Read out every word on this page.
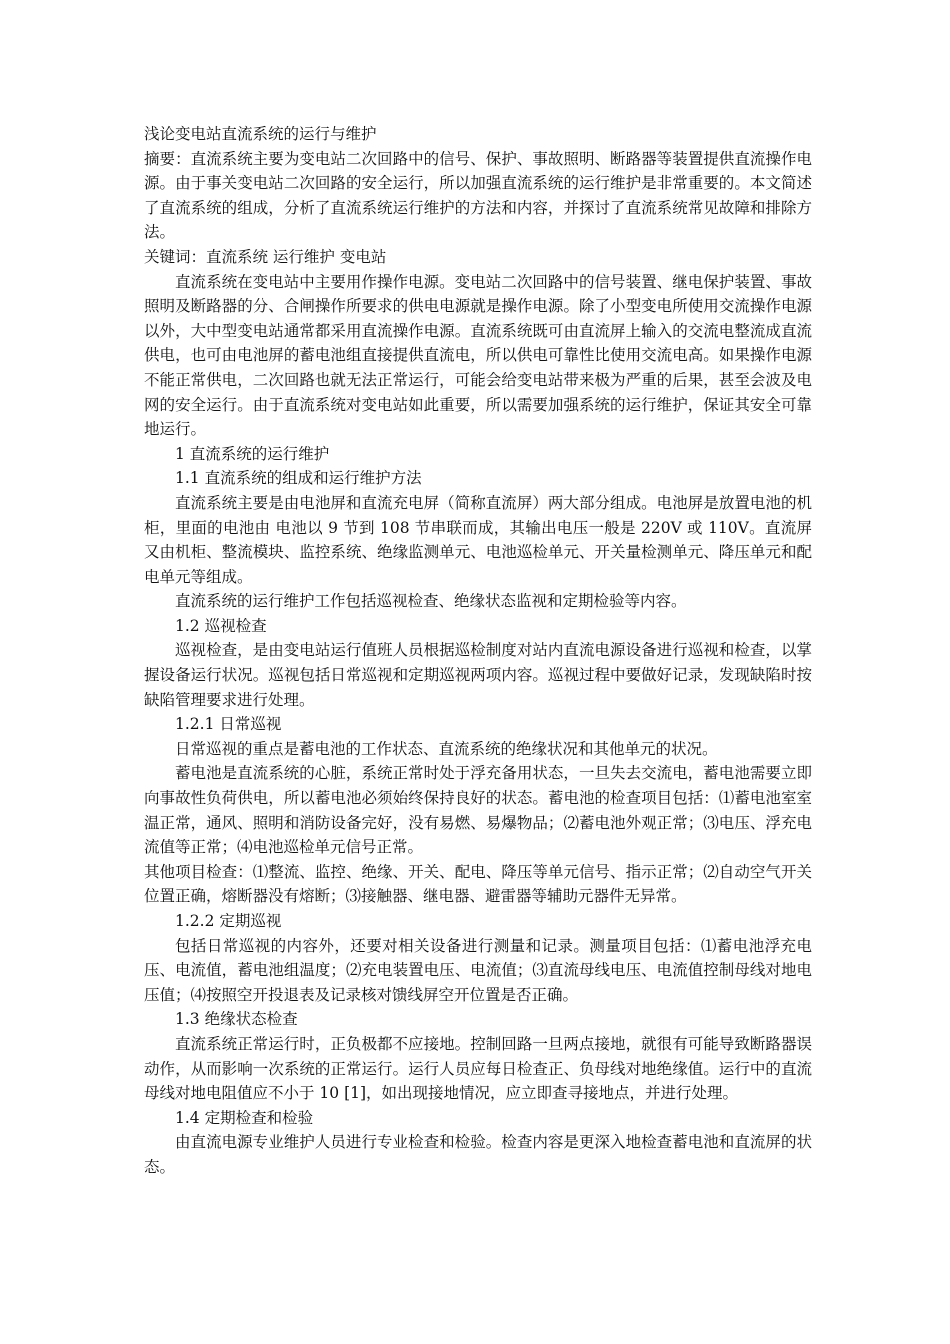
浅论变电站直流系统的运行与维护

摘要：直流系统主要为变电站二次回路中的信号、保护、事故照明、断路器等装置提供直流操作电源。由于事关变电站二次回路的安全运行，所以加强直流系统的运行维护是非常重要的。本文简述了直流系统的组成，分析了直流系统运行维护的方法和内容，并探讨了直流系统常见故障和排除方法。

关键词：直流系统 运行维护 变电站

直流系统在变电站中主要用作操作电源。变电站二次回路中的信号装置、继电保护装置、事故照明及断路器的分、合闸操作所要求的供电电源就是操作电源。除了小型变电所使用交流操作电源以外，大中型变电站通常都采用直流操作电源。直流系统既可由直流屏上输入的交流电整流成直流供电，也可由电池屏的蓄电池组直接提供直流电，所以供电可靠性比使用交流电高。如果操作电源不能正常供电，二次回路也就无法正常运行，可能会给变电站带来极为严重的后果，甚至会波及电网的安全运行。由于直流系统对变电站如此重要，所以需要加强系统的运行维护，保证其安全可靠地运行。

1 直流系统的运行维护

1.1 直流系统的组成和运行维护方法

直流系统主要是由电池屏和直流充电屏（简称直流屏）两大部分组成。电池屏是放置电池的机柜，里面的电池由 电池以 9 节到 108 节串联而成，其输出电压一般是 220V 或 110V。直流屏又由机柜、整流模块、监控系统、绝缘监测单元、电池巡检单元、开关量检测单元、降压单元和配电单元等组成。

直流系统的运行维护工作包括巡视检查、绝缘状态监视和定期检验等内容。

1.2 巡视检查

巡视检查，是由变电站运行值班人员根据巡检制度对站内直流电源设备进行巡视和检查，以掌握设备运行状况。巡视包括日常巡视和定期巡视两项内容。巡视过程中要做好记录，发现缺陷时按缺陷管理要求进行处理。

1.2.1 日常巡视

日常巡视的重点是蓄电池的工作状态、直流系统的绝缘状况和其他单元的状况。

蓄电池是直流系统的心脏，系统正常时处于浮充备用状态，一旦失去交流电，蓄电池需要立即向事故性负荷供电，所以蓄电池必须始终保持良好的状态。蓄电池的检查项目包括：⑴蓄电池室室温正常，通风、照明和消防设备完好，没有易燃、易爆物品；⑵蓄电池外观正常；⑶电压、浮充电流值等正常；⑷电池巡检单元信号正常。

其他项目检查：⑴整流、监控、绝缘、开关、配电、降压等单元信号、指示正常；⑵自动空气开关位置正确，熔断器没有熔断；⑶接触器、继电器、避雷器等辅助元器件无异常。

1.2.2 定期巡视

包括日常巡视的内容外，还要对相关设备进行测量和记录。测量项目包括：⑴蓄电池浮充电压、电流值，蓄电池组温度；⑵充电装置电压、电流值；⑶直流母线电压、电流值控制母线对地电压值；⑷按照空开投退表及记录核对馈线屏空开位置是否正确。

1.3 绝缘状态检查

直流系统正常运行时，正负极都不应接地。控制回路一旦两点接地，就很有可能导致断路器误动作，从而影响一次系统的正常运行。运行人员应每日检查正、负母线对地绝缘值。运行中的直流母线对地电阻值应不小于 10 [1]，如出现接地情况，应立即查寻接地点，并进行处理。

1.4 定期检查和检验

由直流电源专业维护人员进行专业检查和检验。检查内容是更深入地检查蓄电池和直流屏的状态。
